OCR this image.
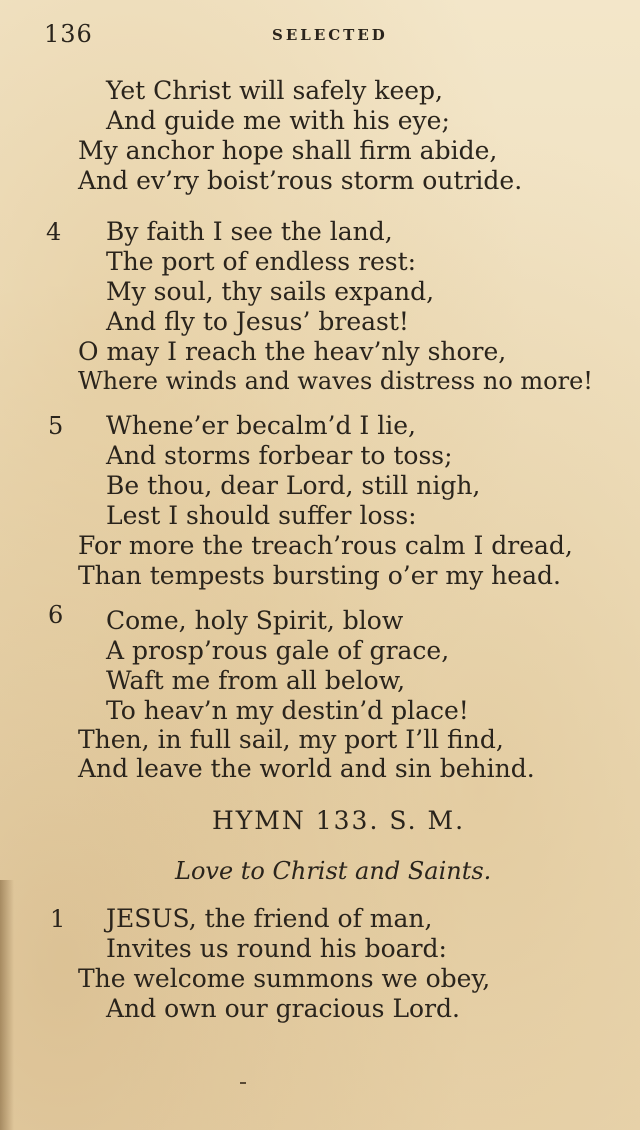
136	SELECTED
Yet Christ will safely keep,
And guide me with his eye;
My anchor hope shall firm abide,
And ev’ry boist’rous storm outride.
4 By faith I see the land,
The port of endless rest:
My soul, thy sails expand,
And fly to Jesus’ breast!
O may I reach the heav’nly shore,
Where winds and waves distress no more!
5 Whene’er becalm’d I lie,
And storms forbear to toss;
Be thou, dear Lord, still nigh,
Lest I should suffer loss:
For more the treach’rous calm I dread,
Than tempests bursting o’er my head.
6 Come, holy Spirit, blow
A prosp’rous gale of grace,
Waft me from all below,
To heav’n my destin’d place!
Then, in full sail, my port I’ll find,
And leave the world and sin behind.
HYMN 133. S. M.
Love to Christ and Saints.
1 JESUS, the friend of man,
Invites us round his board:
The welcome summons we obey,
And own our gracious Lord.
